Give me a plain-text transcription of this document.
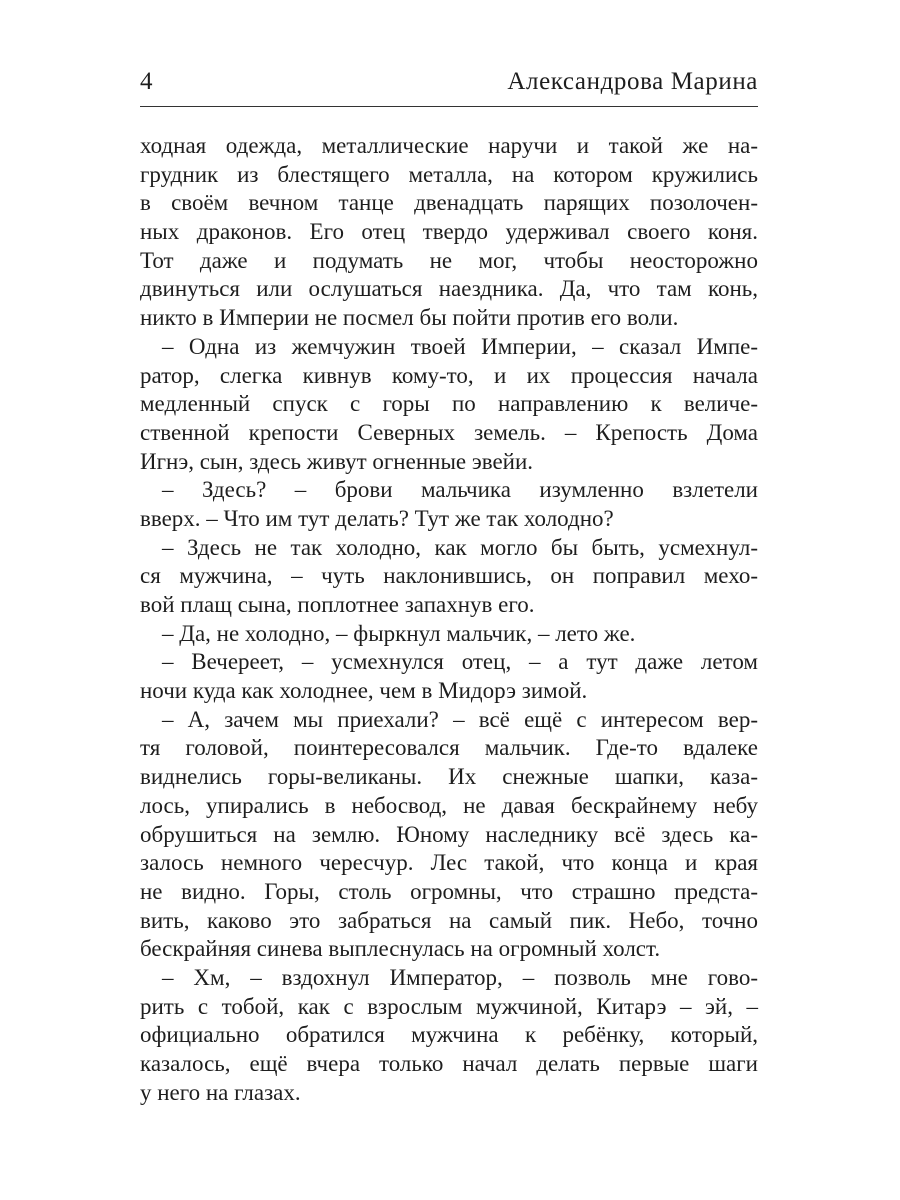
4	Александрова Марина
ходная одежда, металлические наручи и такой же на-
грудник из блестящего металла, на котором кружились
в своём вечном танце двенадцать парящих позолочен-
ных драконов. Его отец твердо удерживал своего коня.
Тот даже и подумать не мог, чтобы неосторожно
двинуться или ослушаться наездника. Да, что там конь,
никто в Империи не посмел бы пойти против его воли.
– Одна из жемчужин твоей Империи, – сказал Импе-
ратор, слегка кивнув кому-то, и их процессия начала
медленный спуск с горы по направлению к величе-
ственной крепости Северных земель. – Крепость Дома
Игнэ, сын, здесь живут огненные эвейи.
– Здесь? – брови мальчика изумленно взлетели
вверх. – Что им тут делать? Тут же так холодно?
– Здесь не так холодно, как могло бы быть, усмехнул-
ся мужчина, – чуть наклонившись, он поправил мехо-
вой плащ сына, поплотнее запахнув его.
– Да, не холодно, – фыркнул мальчик, – лето же.
– Вечереет, – усмехнулся отец, – а тут даже летом
ночи куда как холоднее, чем в Мидорэ зимой.
– А, зачем мы приехали? – всё ещё с интересом вер-
тя головой, поинтересовался мальчик. Где-то вдалеке
виднелись горы-великаны. Их снежные шапки, каза-
лось, упирались в небосвод, не давая бескрайнему небу
обрушиться на землю. Юному наследнику всё здесь ка-
залось немного чересчур. Лес такой, что конца и края
не видно. Горы, столь огромны, что страшно предста-
вить, каково это забраться на самый пик. Небо, точно
бескрайняя синева выплеснулась на огромный холст.
– Хм, – вздохнул Император, – позволь мне гово-
рить с тобой, как с взрослым мужчиной, Китарэ – эй, –
официально обратился мужчина к ребёнку, который,
казалось, ещё вчера только начал делать первые шаги
у него на глазах.
